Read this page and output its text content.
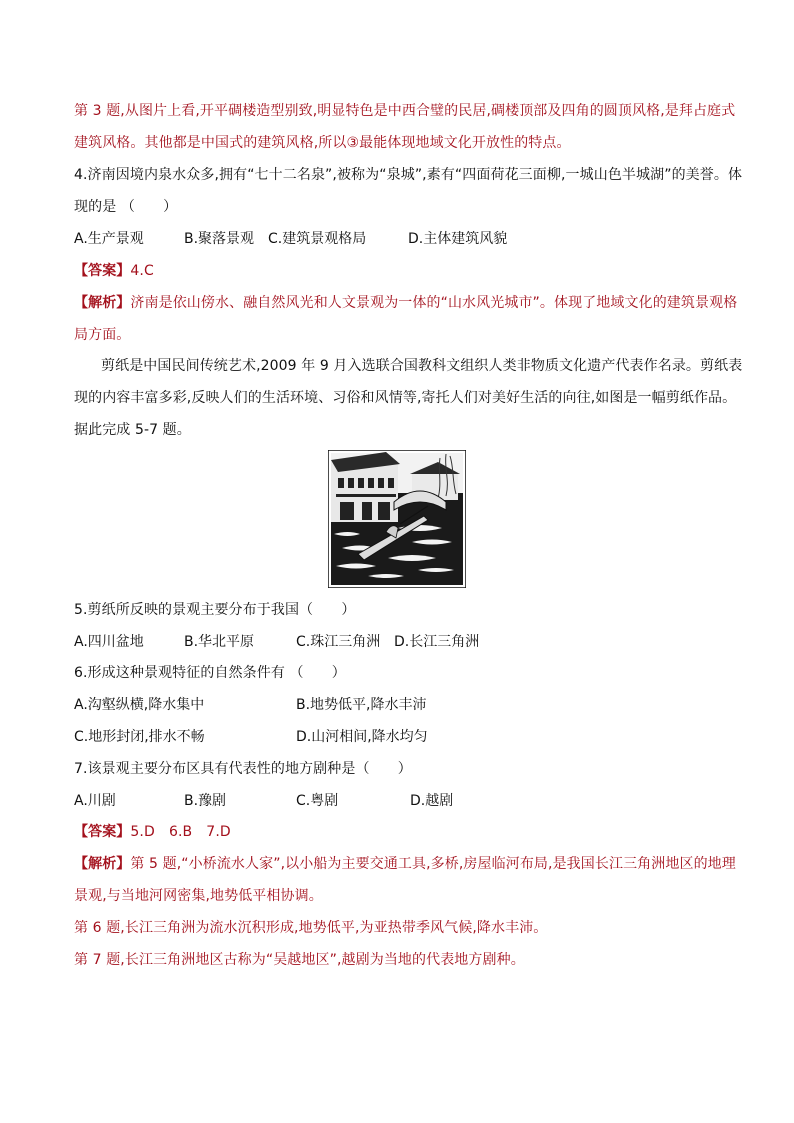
第 3 题,从图片上看,开平碉楼造型别致,明显特色是中西合璧的民居,碉楼顶部及四角的圆顶风格,是拜占庭式
建筑风格。其他都是中国式的建筑风格,所以③最能体现地域文化开放性的特点。
4.济南因境内泉水众多,拥有“七十二名泉”,被称为“泉城”,素有“四面荷花三面柳,一城山色半城湖”的美誉。体
现的是 （　　）
A.生产景观	B.聚落景观 C.建筑景观格局	D.主体建筑风貌
【答案】4.C
【解析】济南是依山傍水、融自然风光和人文景观为一体的“山水风光城市”。体现了地域文化的建筑景观格
局方面。
剪纸是中国民间传统艺术,2009 年 9 月入选联合国教科文组织人类非物质文化遗产代表作名录。剪纸表
现的内容丰富多彩,反映人们的生活环境、习俗和风情等,寄托人们对美好生活的向往,如图是一幅剪纸作品。
据此完成 5-7 题。
5.剪纸所反映的景观主要分布于我国（　　）
A.四川盆地	B.华北平原	C.珠江三角洲 D.长江三角洲
6.形成这种景观特征的自然条件有 （　　）
A.沟壑纵横,降水集中	B.地势低平,降水丰沛
C.地形封闭,排水不畅	D.山河相间,降水均匀
7.该景观主要分布区具有代表性的地方剧种是（　　）
A.川剧	B.豫剧	C.粤剧	D.越剧
【答案】5.D　6.B　7.D
【解析】第 5 题,“小桥流水人家”,以小船为主要交通工具,多桥,房屋临河布局,是我国长江三角洲地区的地理
景观,与当地河网密集,地势低平相协调。
第 6 题,长江三角洲为流水沉积形成,地势低平,为亚热带季风气候,降水丰沛。
第 7 题,长江三角洲地区古称为“吴越地区”,越剧为当地的代表地方剧种。
